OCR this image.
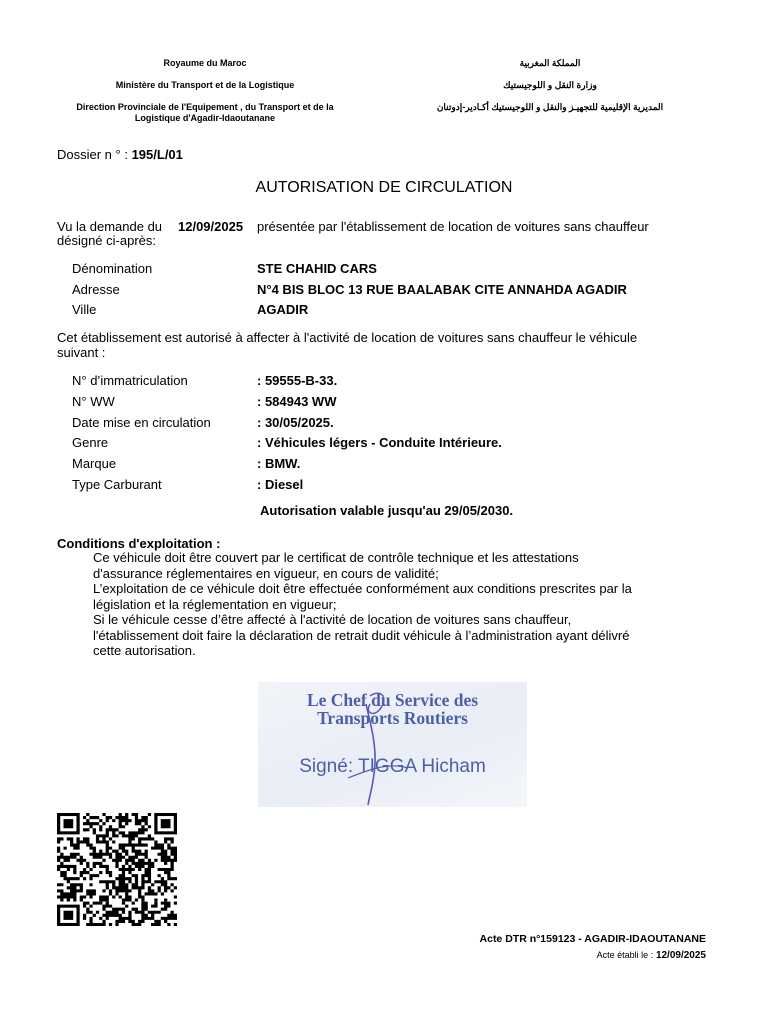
Royaume du Maroc
Ministère du Transport et de la Logistique
Direction Provinciale de l'Equipement , du Transport et de la
Logistique d'Agadir-Idaoutanane
المملكة المغربية
وزارة النقل و اللوجيستيك
المديرية الإقليمية للتجهيـز والنقل و اللوجيستيك أكـادير-إدوتنان
Dossier n ° : 195/L/01
AUTORISATION DE CIRCULATION
Vu la demande du 12/09/2025 présentée par l'établissement de location de voitures sans chauffeur
désigné ci-après:
Dénomination	STE CHAHID CARS
Adresse	N°4 BIS BLOC 13 RUE BAALABAK CITE ANNAHDA AGADIR
Ville	AGADIR
Cet établissement est autorisé à affecter à l'activité de location de voitures sans chauffeur le véhicule
suivant :
N° d’immatriculation	: 59555-B-33.
N° WW	: 584943 WW
Date mise en circulation	: 30/05/2025.
Genre	: Véhicules légers - Conduite Intérieure.
Marque	: BMW.
Type Carburant	: Diesel
Autorisation valable jusqu'au 29/05/2030.
Conditions d'exploitation :
Ce véhicule doit être couvert par le certificat de contrôle technique et les attestations
d'assurance réglementaires en vigueur, en cours de validité;
L’exploitation de ce véhicule doit être effectuée conformément aux conditions prescrites par la
législation et la réglementation en vigueur;
Si le véhicule cesse d’être affecté à l'activité de location de voitures sans chauffeur,
l'établissement doit faire la déclaration de retrait dudit véhicule à l’administration ayant délivré
cette autorisation.
Le Chef du Service des
Transports Routiers
Signé: TIGGA Hicham
Acte DTR n°159123 - AGADIR-IDAOUTANANE
Acte établi le : 12/09/2025
